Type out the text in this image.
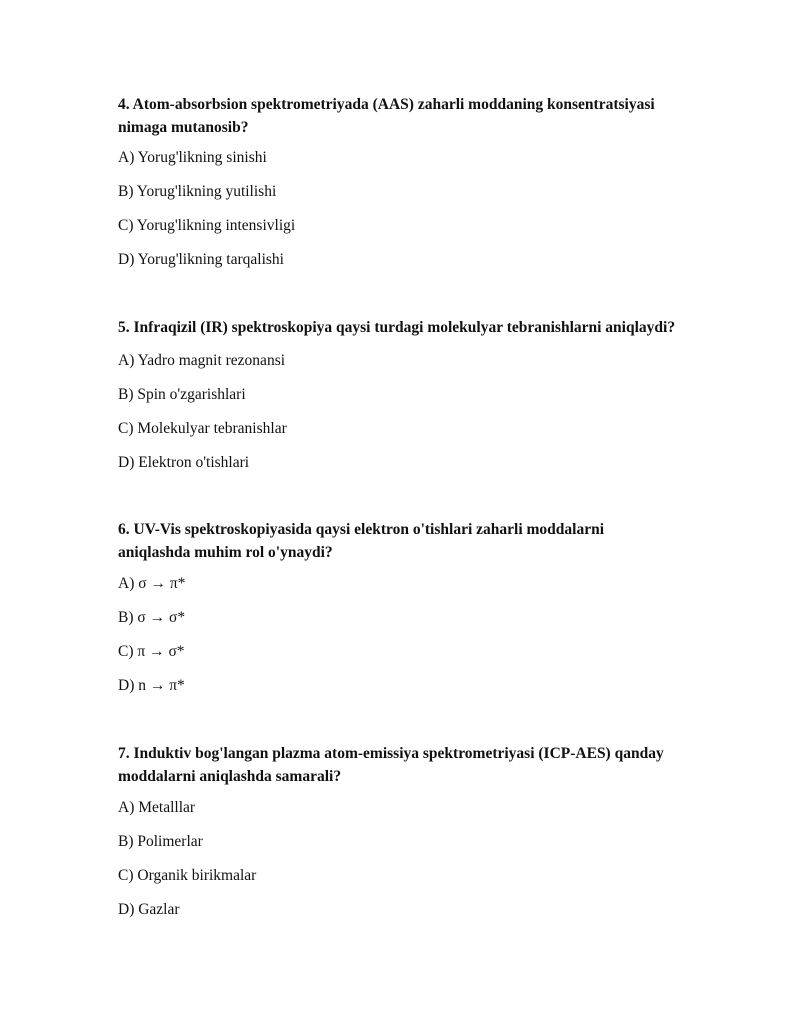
4. Atom-absorbsion spektrometriyada (AAS) zaharli moddaning konsentratsiyasi nimaga mutanosib?

A) Yorug'likning sinishi

B) Yorug'likning yutilishi

C) Yorug'likning intensivligi

D) Yorug'likning tarqalishi

5. Infraqizil (IR) spektroskopiya qaysi turdagi molekulyar tebranishlarni aniqlaydi?

A) Yadro magnit rezonansi

B) Spin o'zgarishlari

C) Molekulyar tebranishlar

D) Elektron o'tishlari

6. UV-Vis spektroskopiyasida qaysi elektron o'tishlari zaharli moddalarni aniqlashda muhim rol o'ynaydi?

A) σ → π*

B) σ → σ*

C) π → σ*

D) n → π*

7. Induktiv bog'langan plazma atom-emissiya spektrometriyasi (ICP-AES) qanday moddalarni aniqlashda samarali?

A) Metalllar

B) Polimerlar

C) Organik birikmalar

D) Gazlar
